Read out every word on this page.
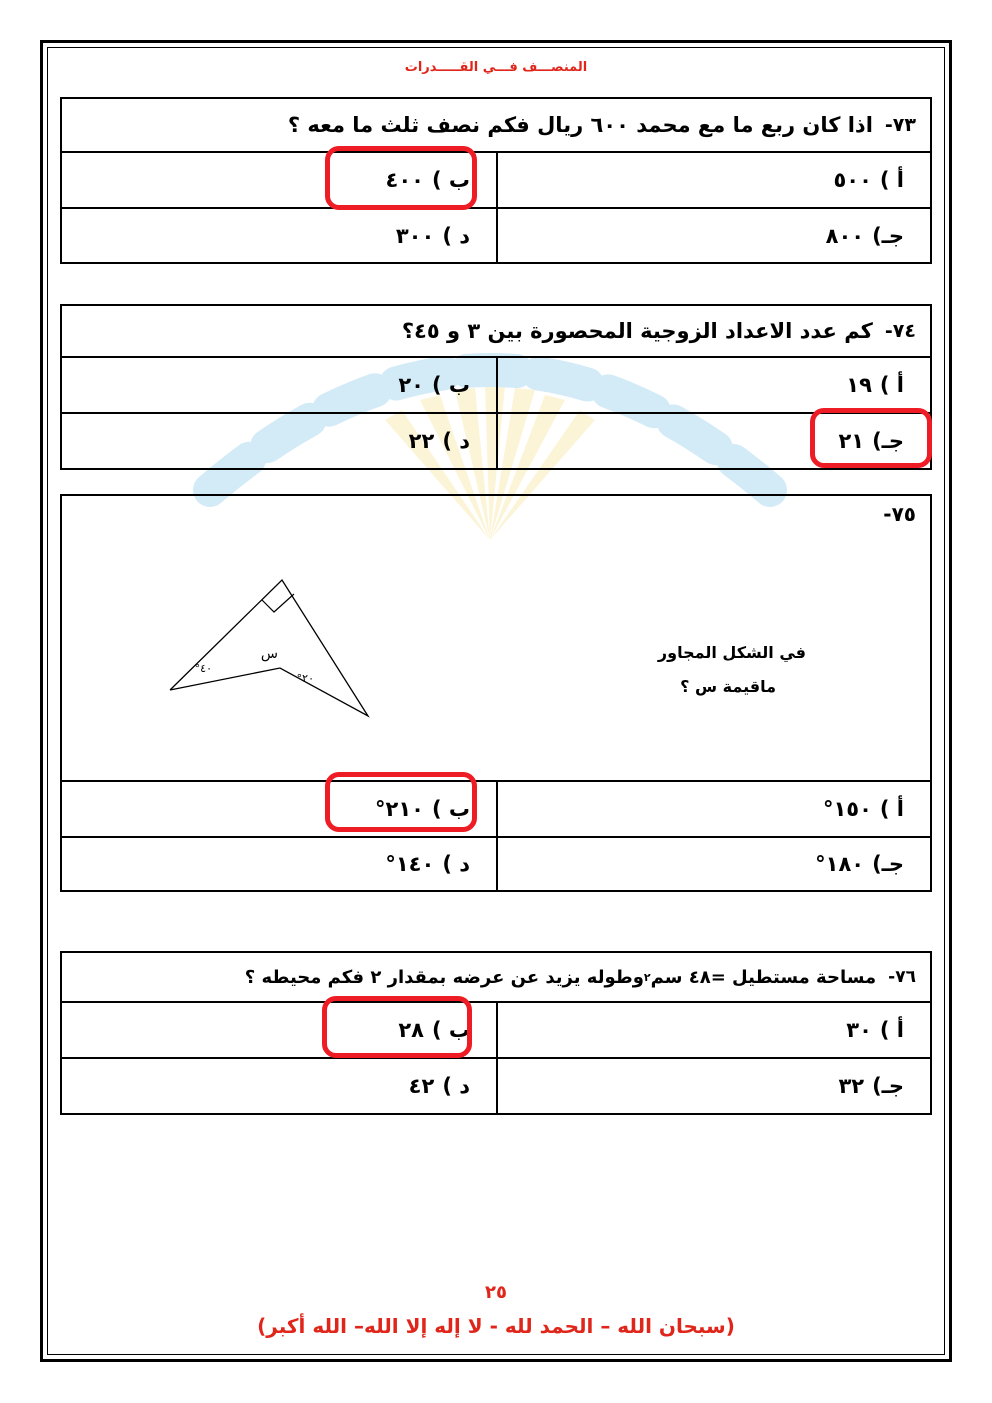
المنصـــف فـــي القـــــدرات
٧٣-
اذا كان ربع ما مع محمد ٦٠٠ ريال فكم نصف ثلث ما معه ؟
أ )
٥٠٠
ب )
٤٠٠
جـ)
٨٠٠
د )
٣٠٠
٧٤-
كم عدد الاعداد الزوجية المحصورة بين ٣ و ٤٥؟
أ )
١٩
ب )
٢٠
جـ)
٢١
د )
٢٢
٧٥-
في الشكل المجاور
ماقيمة س ؟
س
٤٠°
٢٠°
أ )
١٥٠°
ب )
٢١٠°
جـ)
١٨٠°
د )
١٤٠°
٧٦-
مساحة مستطيل =٤٨ سم
٢
وطوله يزيد عن عرضه بمقدار ٢ فكم محيطه ؟
أ )
٣٠
ب )
٢٨
جـ)
٣٢
د )
٤٢
٢٥
(سبحان الله – الحمد لله - لا إله إلا الله– الله أكبر)
